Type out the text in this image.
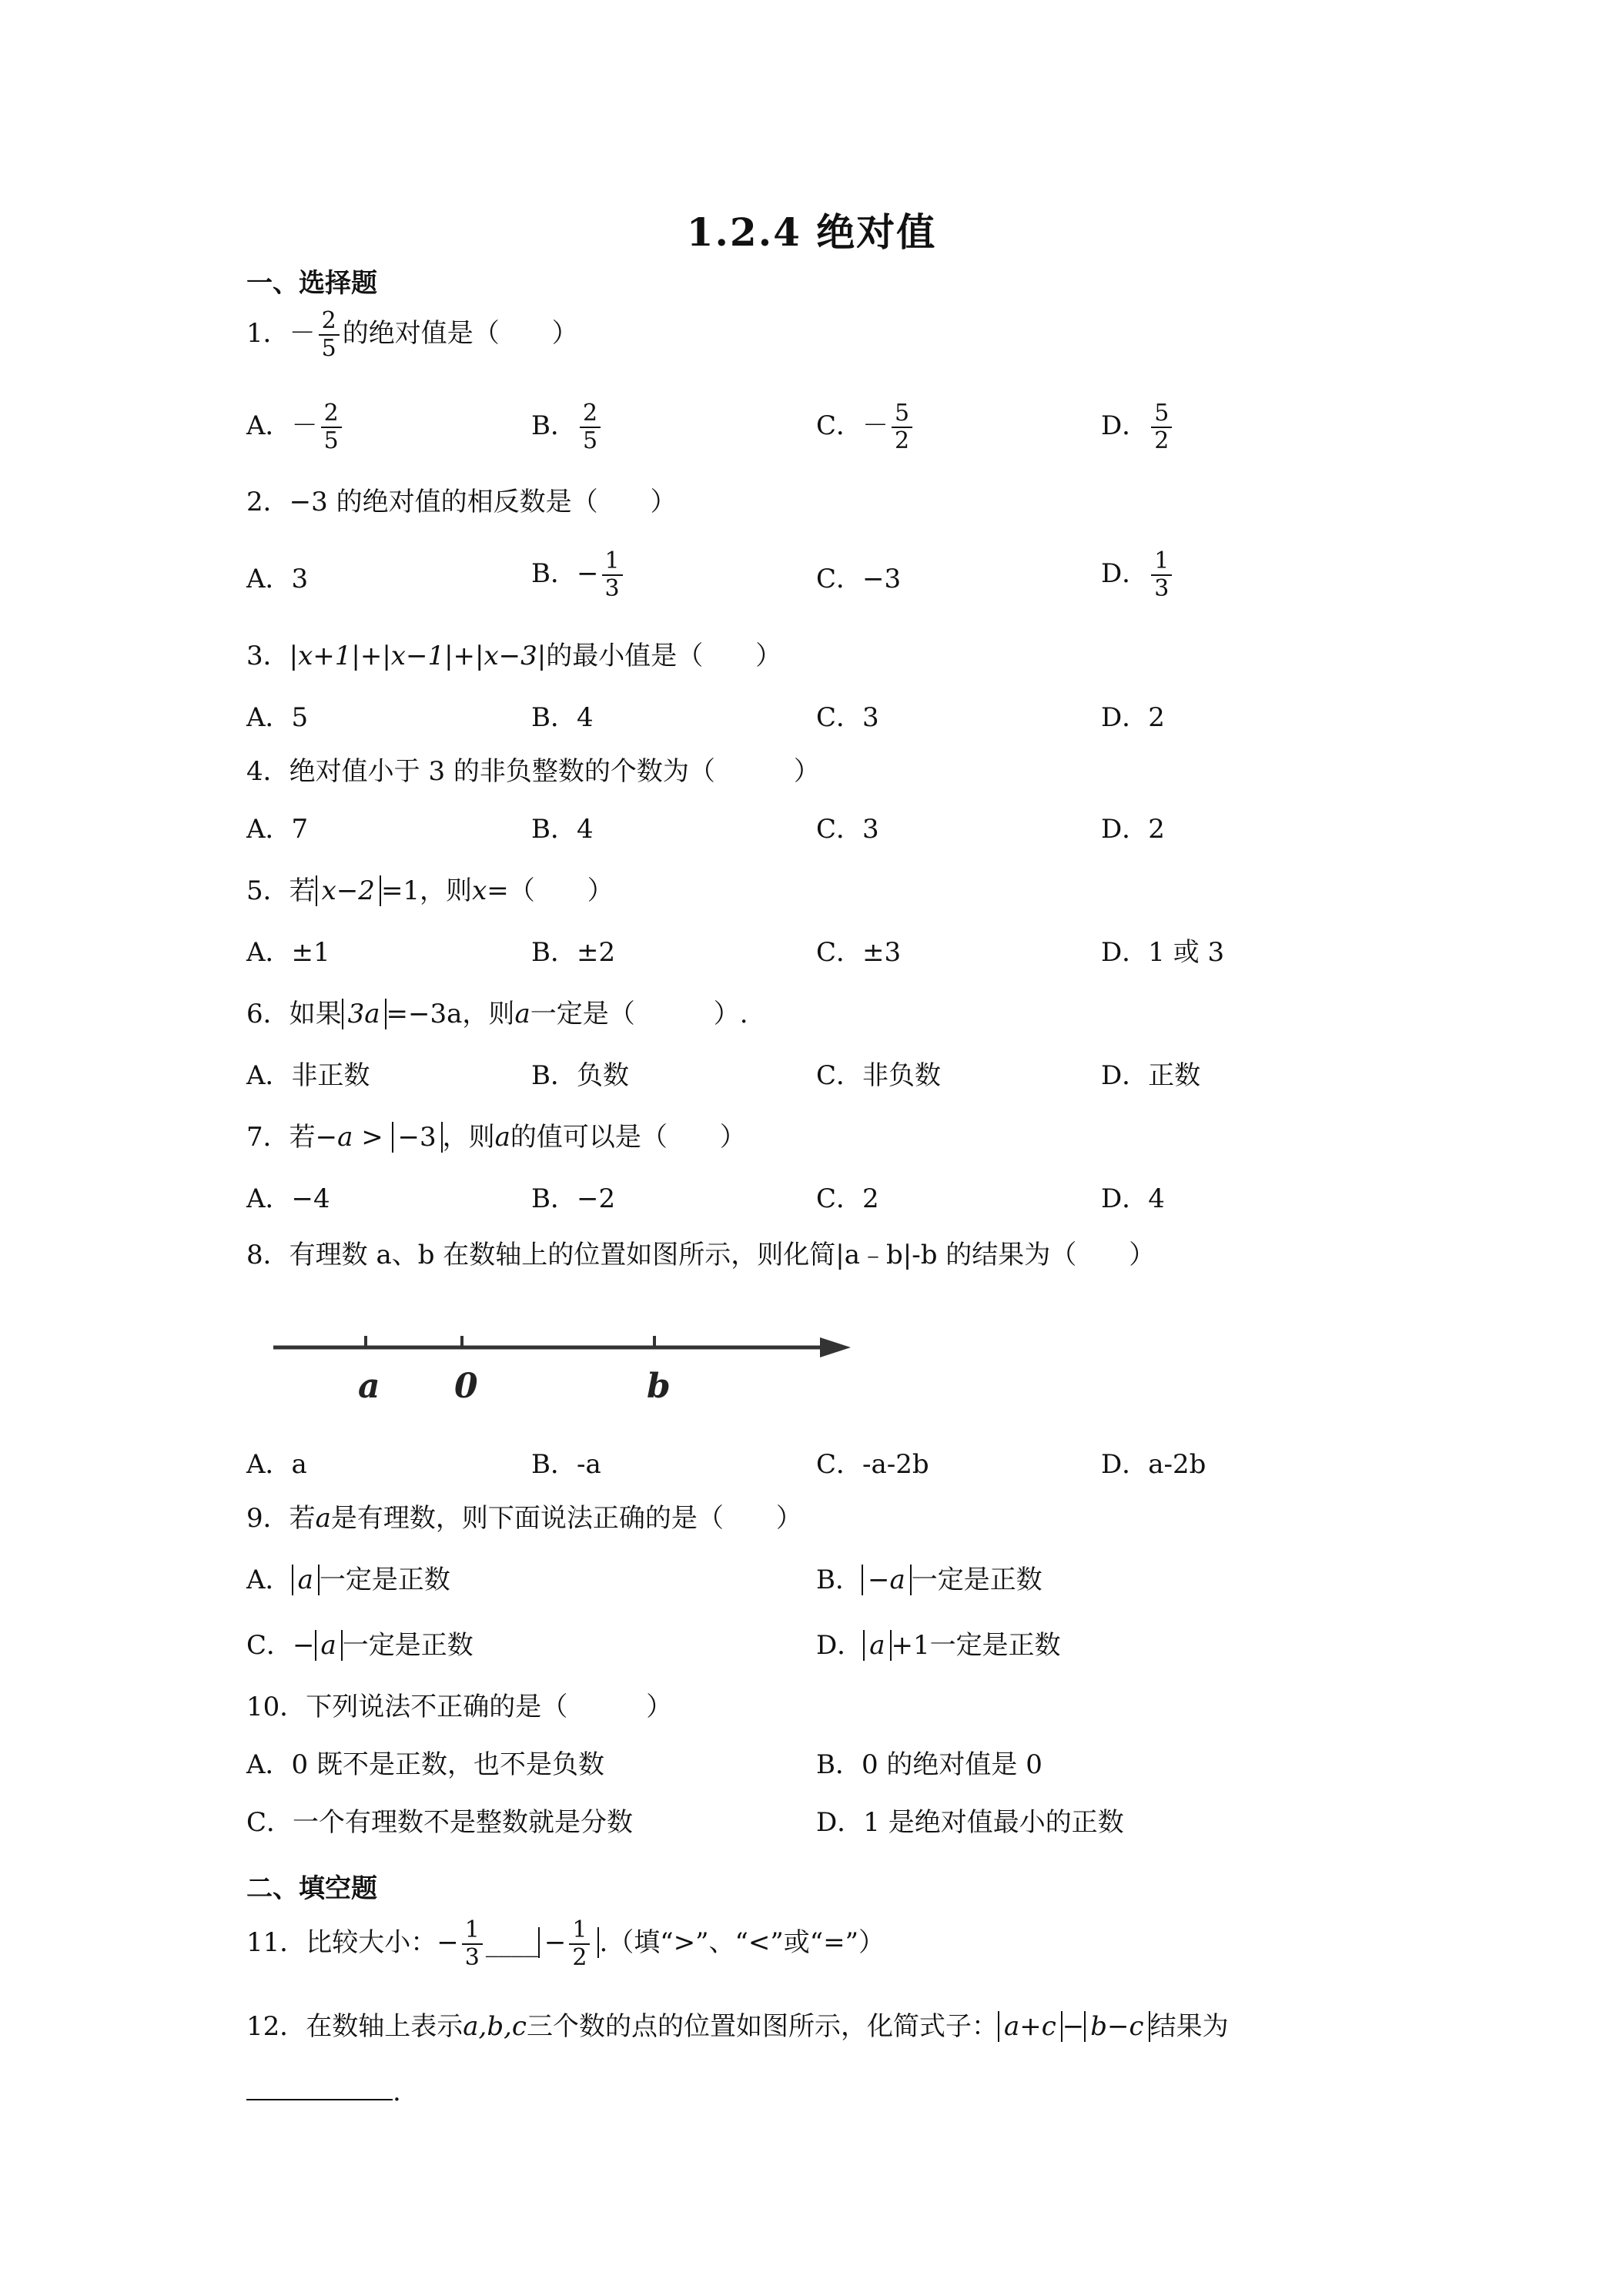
1.2.4 绝对值
一、选择题
1．－ $\frac{2}{5}$ 的绝对值是（　　）
A．－ $\frac{2}{5}$	B． $\frac{2}{5}$	C．－ $\frac{5}{2}$	D． $\frac{5}{2}$
2．−3 的绝对值的相反数是（　　）
A．3	B．− $\frac{1}{3}$	C．−3	D． $\frac{1}{3}$
3．|x+1|+|x−1|+|x−3|的最小值是（　　）
A．5	B．4	C．3	D．2
4．绝对值小于 3 的非负整数的个数为（　　　）
A．7	B．4	C．3	D．2
5．若 x−2 =1，则x=（　　）
A．±1	B．±2	C．±3	D．1 或 3
6．如果 3a =−3a，则a一定是（　　　）.
A．非正数	B．负数	C．非负数	D．正数
7．若−a > −3 ，则a的值可以是（　　）
A．−4	B．−2	C．2	D．4
8．有理数 a、b 在数轴上的位置如图所示，则化简|a﹣b|-b 的结果为（　　）
a 0	b
A．a	B．-a	C．-a-2b	D．a-2b
9．若a是有理数，则下面说法正确的是（　　）
A． a 一定是正数	B． −a 一定是正数
C．− a 一定是正数	D． a +1一定是正数
10．下列说法不正确的是（　　　）
A．0 既不是正数，也不是负数	B．0 的绝对值是 0
C．一个有理数不是整数就是分数	D．1 是绝对值最小的正数
二、填空题
11．比较大小：− $\frac{1}{3}$ ____ − $\frac{1}{2}$ .（填“>”、“<”或“=”）
12．在数轴上表示a,b,c三个数的点的位置如图所示，化简式子： a+c − b−c 结果为
.
